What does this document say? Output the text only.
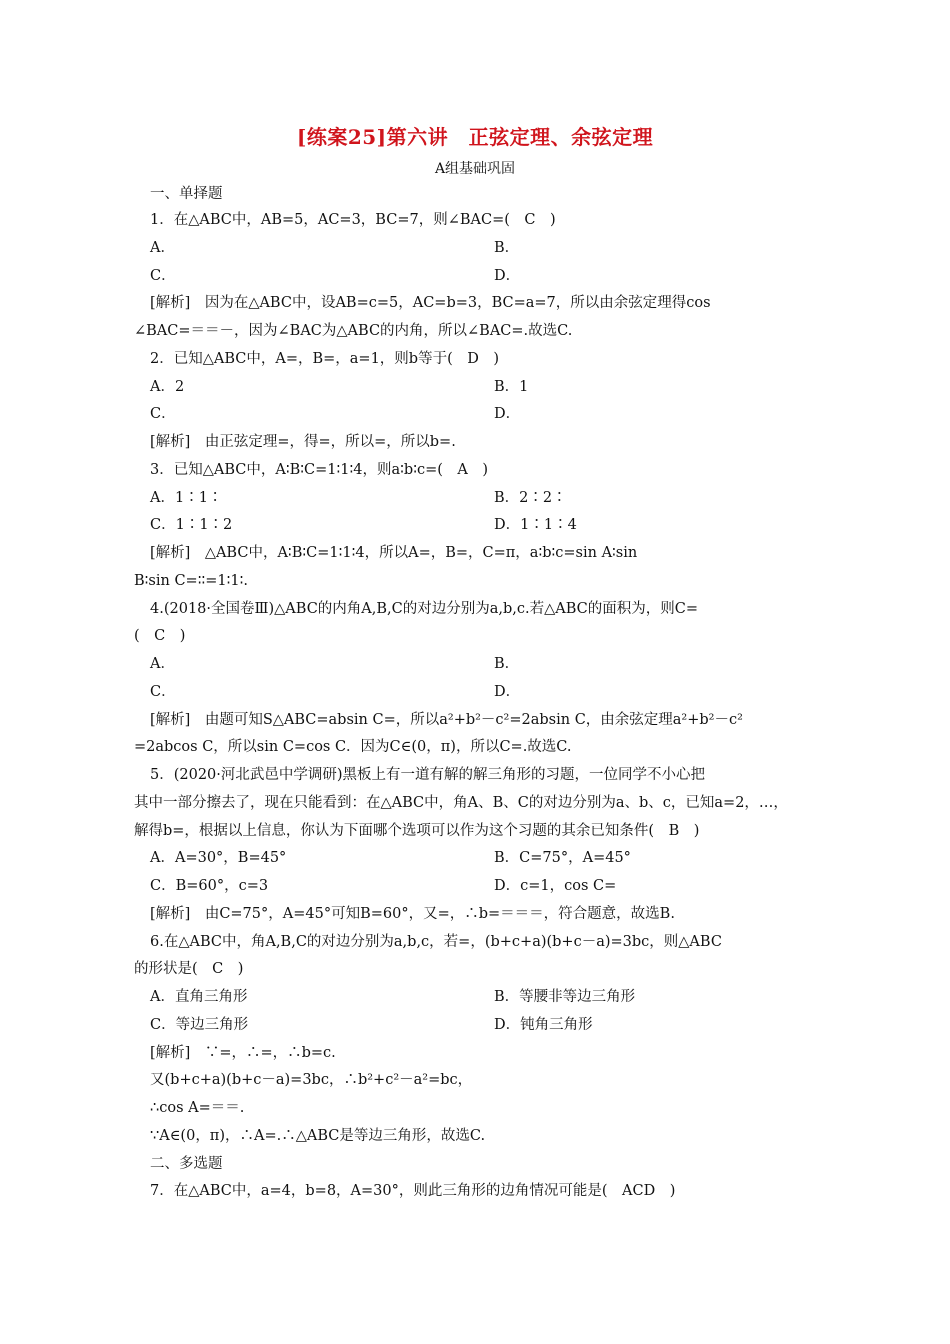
[练案25]第六讲　正弦定理、余弦定理
A组基础巩固
一、单择题
1．在△ABC中，AB=5，AC=3，BC=7，则∠BAC=(　C　)
A．	B．
C．	D．
[解析]　因为在△ABC中，设AB=c=5，AC=b=3，BC=a=7，所以由余弦定理得cos
∠BAC=＝＝－，因为∠BAC为△ABC的内角，所以∠BAC=.故选C.
2．已知△ABC中，A=，B=，a=1，则b等于(　D　)
A．2	B．1
C．	D．
[解析]　由正弦定理=，得=，所以=，所以b=.
3．已知△ABC中，A∶B∶C=1∶1∶4，则a∶b∶c=(　A　)
A．1∶1∶	B．2∶2∶
C．1∶1∶2	D．1∶1∶4
[解析]　△ABC中，A∶B∶C=1∶1∶4，所以A=，B=，C=π，a∶b∶c=sin A∶sin
B∶sin C=∶∶=1∶1∶.
4.(2018·全国卷Ⅲ)△ABC的内角A,B,C的对边分别为a,b,c.若△ABC的面积为，则C=
(　C　)
A．	B．
C．	D．
[解析]　由题可知S△ABC=absin C=，所以a²+b²－c²=2absin C，由余弦定理a²+b²－c²
=2abcos C，所以sin C=cos C．因为C∈(0，π)，所以C=.故选C.
5．(2020·河北武邑中学调研)黑板上有一道有解的解三角形的习题，一位同学不小心把
其中一部分擦去了，现在只能看到：在△ABC中，角A、B、C的对边分别为a、b、c，已知a=2，…，
解得b=，根据以上信息，你认为下面哪个选项可以作为这个习题的其余已知条件(　B　)
A．A=30°，B=45°	B．C=75°，A=45°
C．B=60°，c=3	D．c=1，cos C=
[解析]　由C=75°，A=45°可知B=60°，又=，∴b=＝＝＝，符合题意，故选B.
6.在△ABC中，角A,B,C的对边分别为a,b,c，若=，(b+c+a)(b+c－a)=3bc，则△ABC
的形状是(　C　)
A．直角三角形	B．等腰非等边三角形
C．等边三角形	D．钝角三角形
[解析]　∵=，∴=，∴b=c.
又(b+c+a)(b+c－a)=3bc，∴b²+c²－a²=bc，
∴cos A=＝＝.
∵A∈(0，π)，∴A=.∴△ABC是等边三角形，故选C.
二、多选题
7．在△ABC中，a=4，b=8，A=30°，则此三角形的边角情况可能是(　ACD　)
